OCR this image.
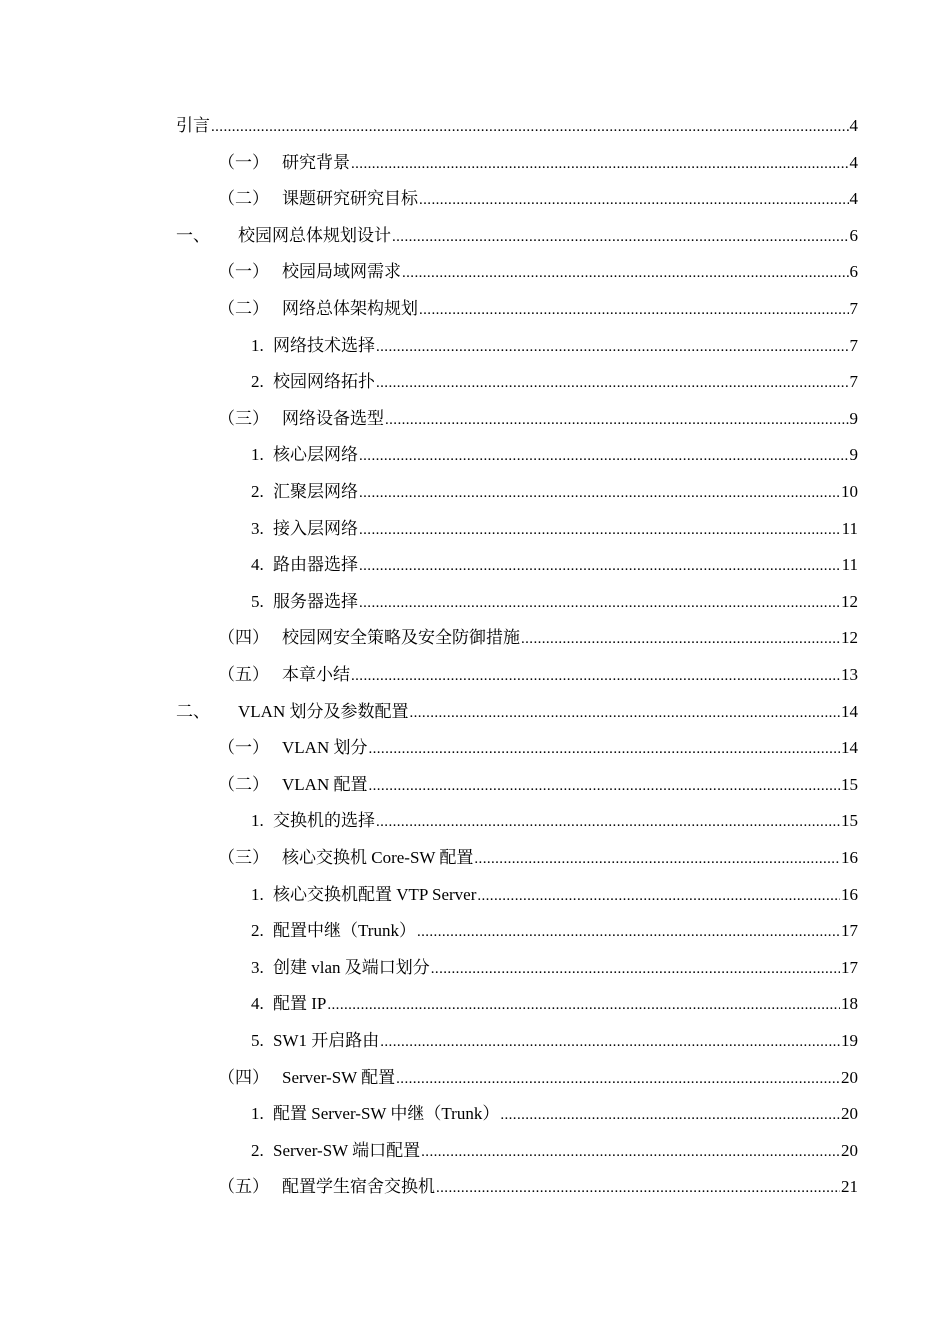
引言 .....	4
（一） 研究背景 .....	4
（二） 课题研究研究目标 .....	4
一、	校园网总体规划设计 .....	6
（一） 校园局域网需求 .....	6
（二） 网络总体架构规划 .....	7
1. 网络技术选择 .....	7
2. 校园网络拓扑 .....	7
（三） 网络设备选型 .....	9
1. 核心层网络 .....	9
2. 汇聚层网络 .....	10
3. 接入层网络 .....	11
4. 路由器选择 .....	11
5. 服务器选择 .....	12
（四） 校园网安全策略及安全防御措施 .....	12
（五） 本章小结 .....	13
二、	VLAN 划分及参数配置 .....	14
（一） VLAN 划分 .....	14
（二） VLAN 配置 .....	15
1. 交换机的选择 .....	15
（三） 核心交换机 Core-SW 配置 .....	16
1. 核心交换机配置 VTP Server .....	16
2. 配置中继（Trunk） .....	17
3. 创建 vlan 及端口划分 .....	17
4. 配置 IP .....	18
5. SW1 开启路由 .....	19
（四） Server-SW 配置 .....	20
1. 配置 Server-SW 中继（Trunk） .....	20
2. Server-SW 端口配置 .....	20
（五） 配置学生宿舍交换机 .....	21
